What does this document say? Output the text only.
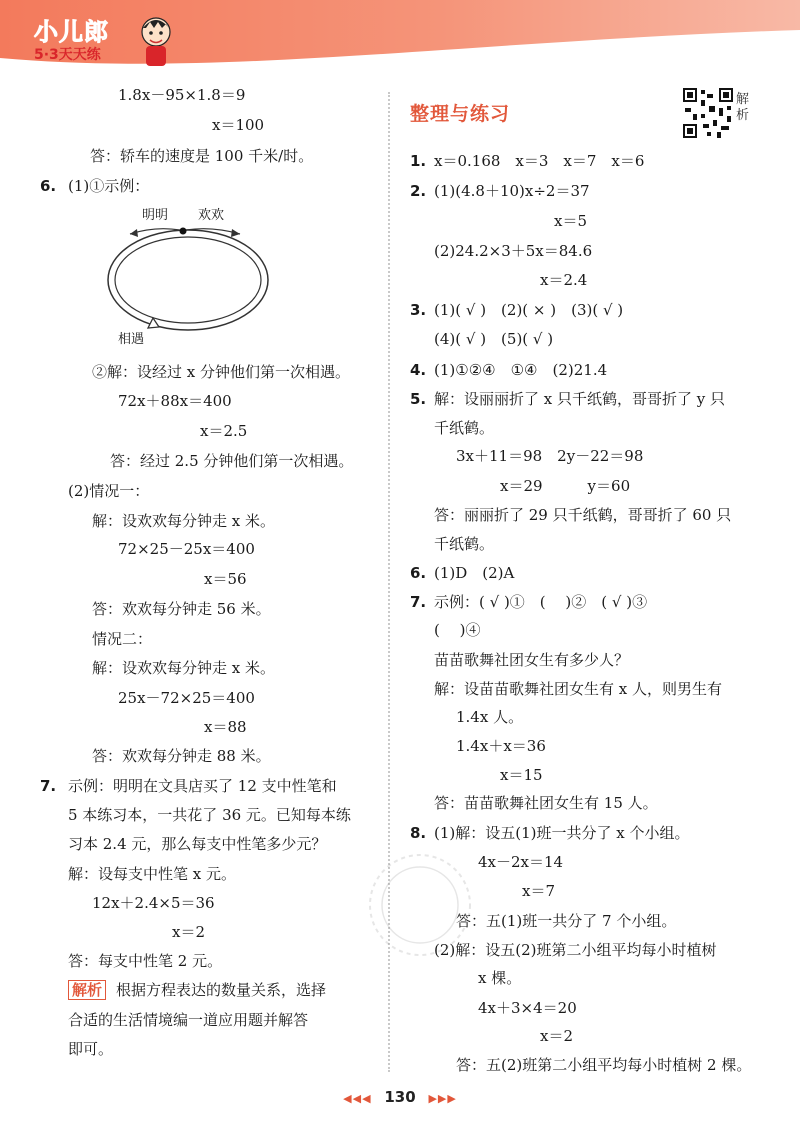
小儿郎
5·3天天练
整理与练习
解析
1.8x－95×1.8＝9
x＝100
答：轿车的速度是 100 千米/时。
6. (1)①示例：
明明 欢欢
相遇
②解：设经过 x 分钟他们第一次相遇。
72x＋88x＝400
x＝2.5
答：经过 2.5 分钟他们第一次相遇。
(2)情况一：
解：设欢欢每分钟走 x 米。
72×25－25x＝400
x＝56
答：欢欢每分钟走 56 米。
情况二：
解：设欢欢每分钟走 x 米。
25x－72×25＝400
x＝88
答：欢欢每分钟走 88 米。
7. 示例：明明在文具店买了 12 支中性笔和
5 本练习本，一共花了 36 元。已知每本练
习本 2.4 元，那么每支中性笔多少元？
解：设每支中性笔 x 元。
12x＋2.4×5＝36
x＝2
答：每支中性笔 2 元。
解析 根据方程表达的数量关系，选择
合适的生活情境编一道应用题并解答
即可。
1. x＝0.168　x＝3　x＝7　x＝6
2. (1)(4.8＋10)x÷2＝37
x＝5
(2)24.2×3＋5x＝84.6
x＝2.4
3. (1)( √ )　(2)( × )　(3)( √ )
(4)( √ )　(5)( √ )
4. (1)①②④　①④　(2)21.4
5. 解：设丽丽折了 x 只千纸鹤，哥哥折了 y 只
千纸鹤。
3x＋11＝98　2y－22＝98
x＝29　　　y＝60
答：丽丽折了 29 只千纸鹤，哥哥折了 60 只
千纸鹤。
6. (1)D　(2)A
7. 示例：( √ )①　(　 )②　( √ )③
(　 )④
苗苗歌舞社团女生有多少人？
解：设苗苗歌舞社团女生有 x 人，则男生有
1.4x 人。
1.4x＋x＝36
x＝15
答：苗苗歌舞社团女生有 15 人。
8. (1)解：设五(1)班一共分了 x 个小组。
4x－2x＝14
x＝7
答：五(1)班一共分了 7 个小组。
(2)解：设五(2)班第二小组平均每小时植树
x 棵。
4x＋3×4＝20
x＝2
答：五(2)班第二小组平均每小时植树 2 棵。
◀◀◀ 130 ▶▶▶
